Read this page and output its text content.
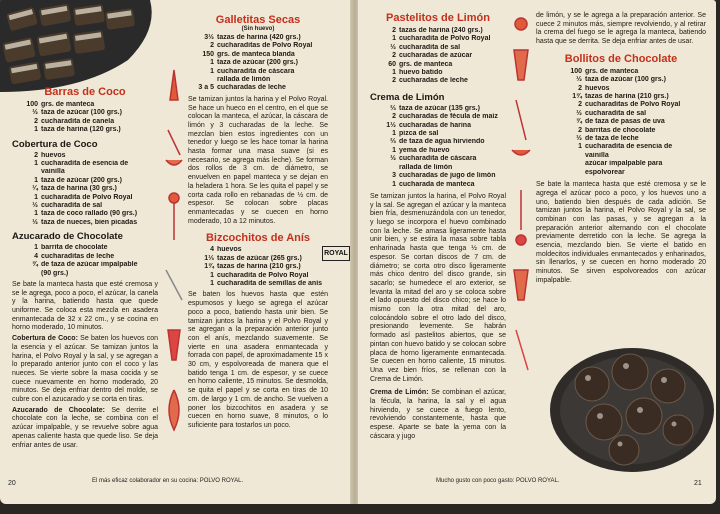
Barras de Coco

100 grs. de manteca
½ taza de azúcar (100 grs.)
2 cucharadita de canela
1 taza de harina (120 grs.)

Cobertura de Coco

2 huevos
1 cucharadita de esencia de
vainilla
1 taza de azúcar (200 grs.)
¼ taza de harina (30 grs.)
1 cucharadita de Polvo Royal
½ cucharadita de sal
1 taza de coco rallado (90 grs.)
½ taza de nueces, bien picadas

Azucarado de Chocolate

1 barrita de chocolate
4 cucharaditas de leche
¾ de taza de azúcar impalpable
(90 grs.)

Se bate la manteca hasta que esté cremosa y se le agrega, poco a poco, el azúcar, la canela y la harina, batiendo hasta que quede uniforme. Se coloca esta mezcla en asadera enmantecada de 32 x 22 cm., y se cocina en horno moderado, 10 minutos.

Cobertura de Coco: Se baten los huevos con la esencia y el azúcar. Se tamizan juntos la harina, el Polvo Royal y la sal, y se agregan a lo preparado anterior junto con el coco y las nueces. Se vierte sobre la masa cocida y se cuece nuevamente en horno moderado, 20 minutos. Se deja enfriar dentro del molde, se cubre con el azucarado y se corta en tiras.

Azucarado de Chocolate: Se derrite el chocolate con la leche, se combina con el azúcar impalpable, y se revuelve sobre agua apenas caliente hasta que quede liso. Se deja enfriar antes de usar.

Galletitas Secas

(Sin huevo)
3½ tazas de harina (420 grs.)
2 cucharaditas de Polvo Royal
150 grs. de manteca blanda
1 taza de azúcar (200 grs.)
1 cucharadita de cáscara
rallada de limón
3 a 5 cucharadas de leche

Se tamizan juntos la harina y el Polvo Royal. Se hace un hueco en el centro, en el que se colocan la manteca, el azúcar, la cáscara de limón y 3 cucharadas de la leche. Se mezclan bien estos ingredientes con un tenedor y luego se les hace tomar la harina hasta formar una masa suave (si es necesario, se agrega más leche). Se forman dos rollos de 3 cm. de diámetro, se envuelven en papel manteca y se dejan en la heladera 1 hora. Se les quita el papel y se corta cada rollo en rebanadas de ½ cm. de espesor. Se colocan sobre placas enmantecadas y se cuecen en horno moderado, 10 a 12 minutos.

Bizcochitos de Anís

4 huevos
1⅓ tazas de azúcar (265 grs.)
1¾ tazas de harina (210 grs.)
1 cucharadita de Polvo Royal
1 cucharadita de semillas de anís

Se baten los huevos hasta que estén espumosos y luego se agrega el azúcar poco a poco, batiendo hasta unir bien. Se tamizan juntos la harina y el Polvo Royal y se agregan a la preparación anterior junto con el anís, mezclando suavemente. Se vierte en una asadera enmantecada y forrada con papel, de aproximadamente 15 x 30 cm, y espolvoreada de manera que el batido tenga 1 cm. de espesor, y se cuece en horno caliente, 15 minutos. Se desmolda, se quita el papel y se corta en tiras de 10 cm. de largo y 1 cm. de ancho. Se vuelven a poner los bizcochitos en asadera y se cuecen en horno suave, 8 minutos, o lo suficiente para tostarlos un poco.

ROYAL
20	El más eficaz colaborador en su cocina: POLVO ROYAL.

Pastelitos de Limón

2 tazas de harina (240 grs.)
1 cucharadita de Polvo Royal
½ cucharadita de sal
2 cucharadas de azúcar
60 grs. de manteca
1 huevo batido
2 cucharadas de leche

Crema de Limón

⅔ taza de azúcar (135 grs.)
2 cucharadas de fécula de maíz
1½ cucharadas de harina
1 pizca de sal
⅔ de taza de agua hirviendo
1 yema de huevo
½ cucharadita de cáscara
rallada de limón
3 cucharadas de jugo de limón
1 cucharada de manteca

Se tamizan juntos la harina, el Polvo Royal y la sal. Se agregan el azúcar y la manteca bien fría, desmenuzándola con un tenedor, y luego se incorpora el huevo combinado con la leche. Se amasa ligeramente hasta unir bien, y se estira la masa sobre tabla enharinada hasta que tenga ½ cm. de espesor. Se cortan discos de 7 cm. de diámetro; se corta otro disco ligeramente más chico dentro del disco grande, sin sacarlo; se humedece el aro exterior, se levanta la mitad del aro y se coloca sobre el lado opuesto del disco chico; se hace lo mismo con la otra mitad del aro, colocándolo sobre el otro lado del disco, presionando levemente. Se habrán formado así pastelitos abiertos, que se pintan con huevo batido y se colocan sobre placa de horno ligeramente enmantecada. Se cuecen en horno caliente, 15 minutos. Una vez bien fríos, se rellenan con la Crema de Limón.

Crema de Limón: Se combinan el azúcar, la fécula, la harina, la sal y el agua hirviendo, y se cuece a fuego lento, revolviendo constantemente, hasta que espese. Aparte se bate la yema con la cáscara y jugo

de limón, y se le agrega a la preparación anterior. Se cuece 2 minutos más, siempre revolviendo, y al retirar la crema del fuego se le agrega la manteca, batiendo hasta que se derrita. Se deja enfriar antes de usar.

Bollitos de Chocolate

100 grs. de manteca
½ taza de azúcar (100 grs.)
2 huevos
1¾ tazas de harina (210 grs.)
2 cucharaditas de Polvo Royal
½ cucharadita de sal
¾ de taza de pasas de uva
2 barritas de chocolate
½ de taza de leche
1 cucharadita de esencia de
vainilla
azúcar impalpable para
espolvorear

Se bate la manteca hasta que esté cremosa y se le agrega el azúcar poco a poco, y los huevos uno a uno, batiendo bien después de cada adición. Se tamizan juntos la harina, el Polvo Royal y la sal, se combinan con las pasas, y se agregan a la preparación anterior alternando con el chocolate previamente derretido con la leche. Se agrega la esencia, mezclando bien. Se vierte el batido en moldecitos individuales enmantecados y enharinados, sin llenarlos, y se cuecen en horno moderado 20 minutos. Se sirven espolvoreados con azúcar impalpable.

Mucho gusto con poco gasto: POLVO ROYAL.	21
